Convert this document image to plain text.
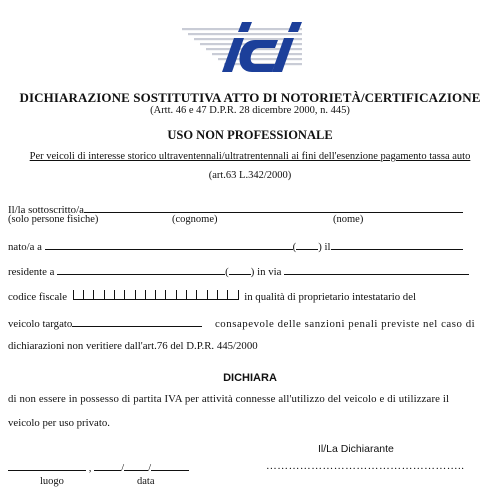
DICHIARAZIONE SOSTITUTIVA ATTO DI NOTORIETÀ/CERTIFICAZIONE
(Artt. 46 e 47 D.P.R. 28 dicembre 2000, n. 445)
USO NON PROFESSIONALE
Per veicoli di interesse storico ultraventennali/ultratrentennali ai fini dell'esenzione pagamento tassa auto
(art.63 L.342/2000)
Il/la sottoscritto/a
(solo persone fisiche)	(cognome)	(nome)
nato/a a	( ) il
residente a	( ) in via
codice fiscale	in qualità di proprietario intestatario del
veicolo targato	consapevole delle sanzioni penali previste nel caso di
dichiarazioni non veritiere dall'art.76 del D.P.R. 445/2000
DICHIARA
di non essere in possesso di partita IVA per attività connesse all'utilizzo del veicolo e di utilizzare il
veicolo per uso privato.
Il/La Dichiarante
,	/ /	……………………………………………..
luogo	data
